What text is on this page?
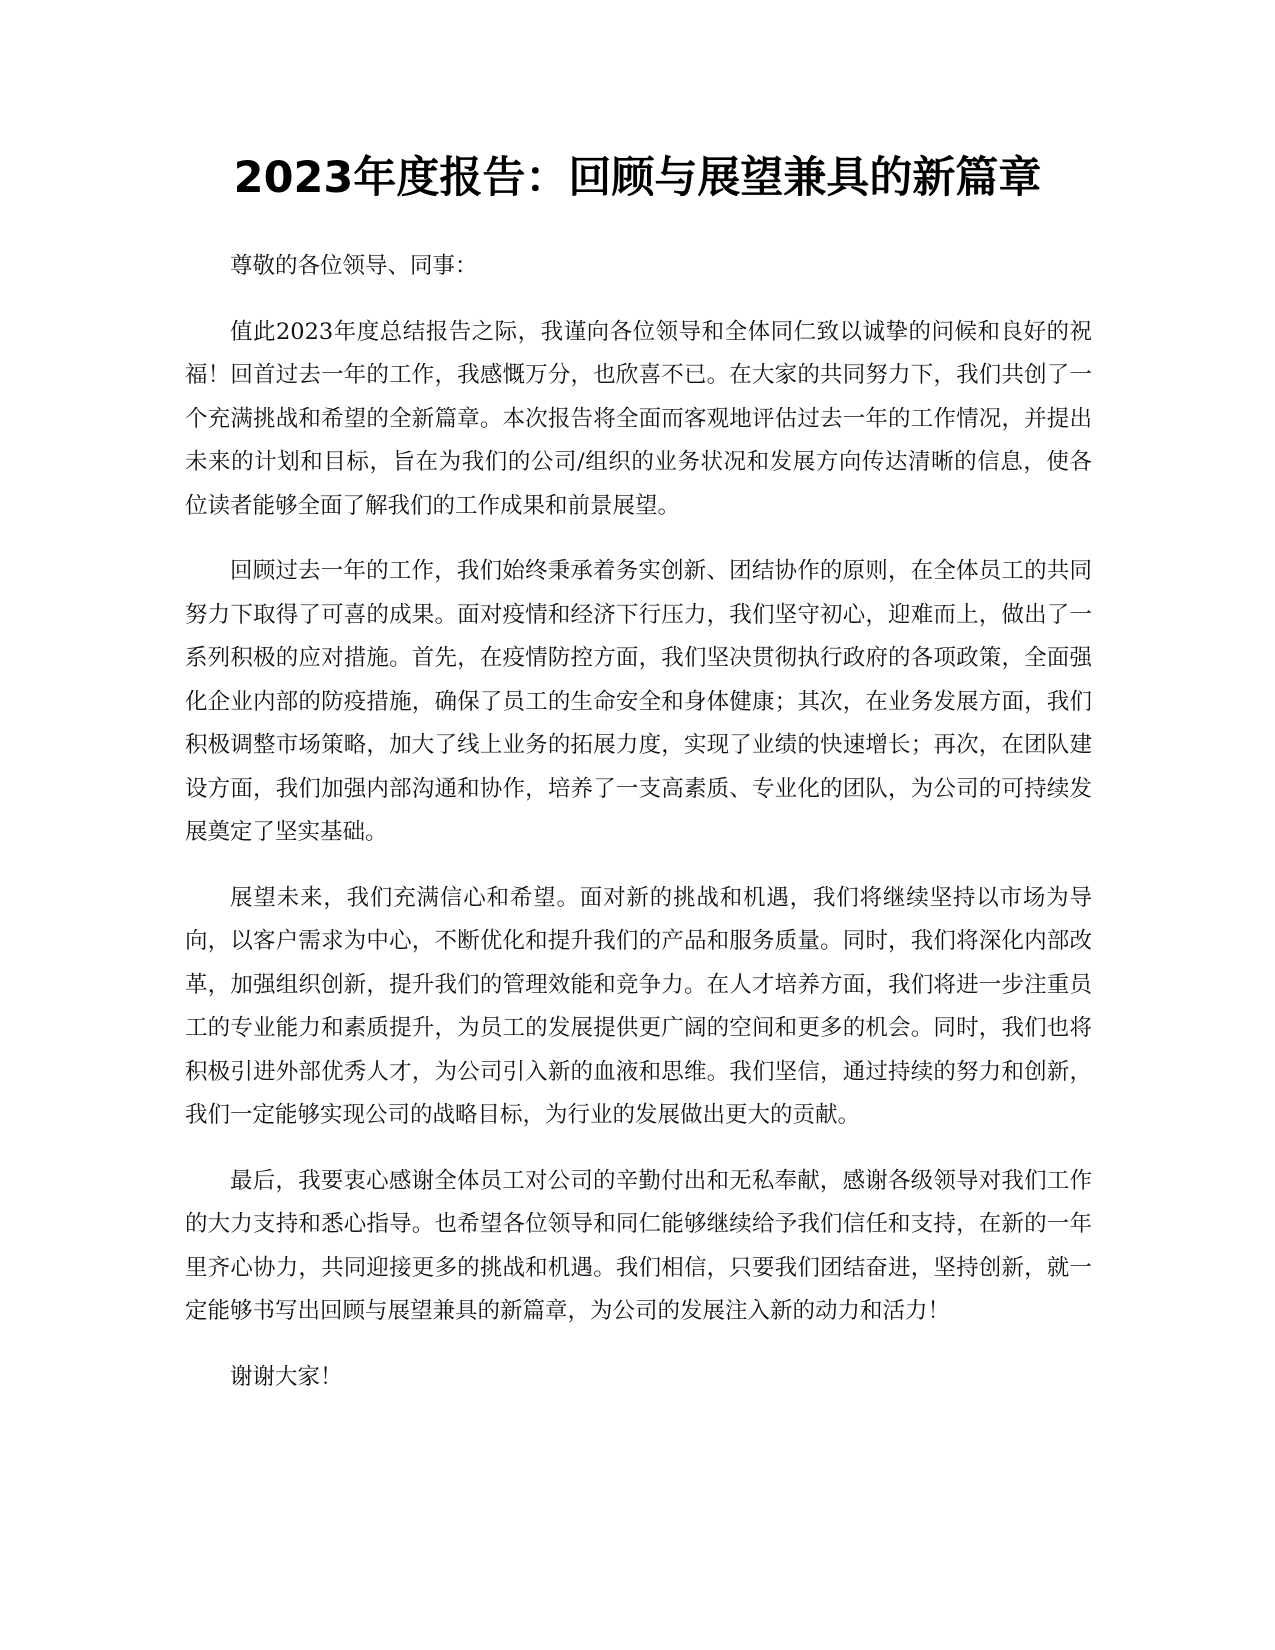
2023年度报告：回顾与展望兼具的新篇章

尊敬的各位领导、同事：

值此2023年度总结报告之际，我谨向各位领导和全体同仁致以诚挚的问候和良好的祝福！回首过去一年的工作，我感慨万分，也欣喜不已。在大家的共同努力下，我们共创了一个充满挑战和希望的全新篇章。本次报告将全面而客观地评估过去一年的工作情况，并提出未来的计划和目标，旨在为我们的公司/组织的业务状况和发展方向传达清晰的信息，使各位读者能够全面了解我们的工作成果和前景展望。

回顾过去一年的工作，我们始终秉承着务实创新、团结协作的原则，在全体员工的共同努力下取得了可喜的成果。面对疫情和经济下行压力，我们坚守初心，迎难而上，做出了一系列积极的应对措施。首先，在疫情防控方面，我们坚决贯彻执行政府的各项政策，全面强化企业内部的防疫措施，确保了员工的生命安全和身体健康；其次，在业务发展方面，我们积极调整市场策略，加大了线上业务的拓展力度，实现了业绩的快速增长；再次，在团队建设方面，我们加强内部沟通和协作，培养了一支高素质、专业化的团队，为公司的可持续发展奠定了坚实基础。

展望未来，我们充满信心和希望。面对新的挑战和机遇，我们将继续坚持以市场为导向，以客户需求为中心，不断优化和提升我们的产品和服务质量。同时，我们将深化内部改革，加强组织创新，提升我们的管理效能和竞争力。在人才培养方面，我们将进一步注重员工的专业能力和素质提升，为员工的发展提供更广阔的空间和更多的机会。同时，我们也将积极引进外部优秀人才，为公司引入新的血液和思维。我们坚信，通过持续的努力和创新，我们一定能够实现公司的战略目标，为行业的发展做出更大的贡献。

最后，我要衷心感谢全体员工对公司的辛勤付出和无私奉献，感谢各级领导对我们工作的大力支持和悉心指导。也希望各位领导和同仁能够继续给予我们信任和支持，在新的一年里齐心协力，共同迎接更多的挑战和机遇。我们相信，只要我们团结奋进，坚持创新，就一定能够书写出回顾与展望兼具的新篇章，为公司的发展注入新的动力和活力！

谢谢大家！
